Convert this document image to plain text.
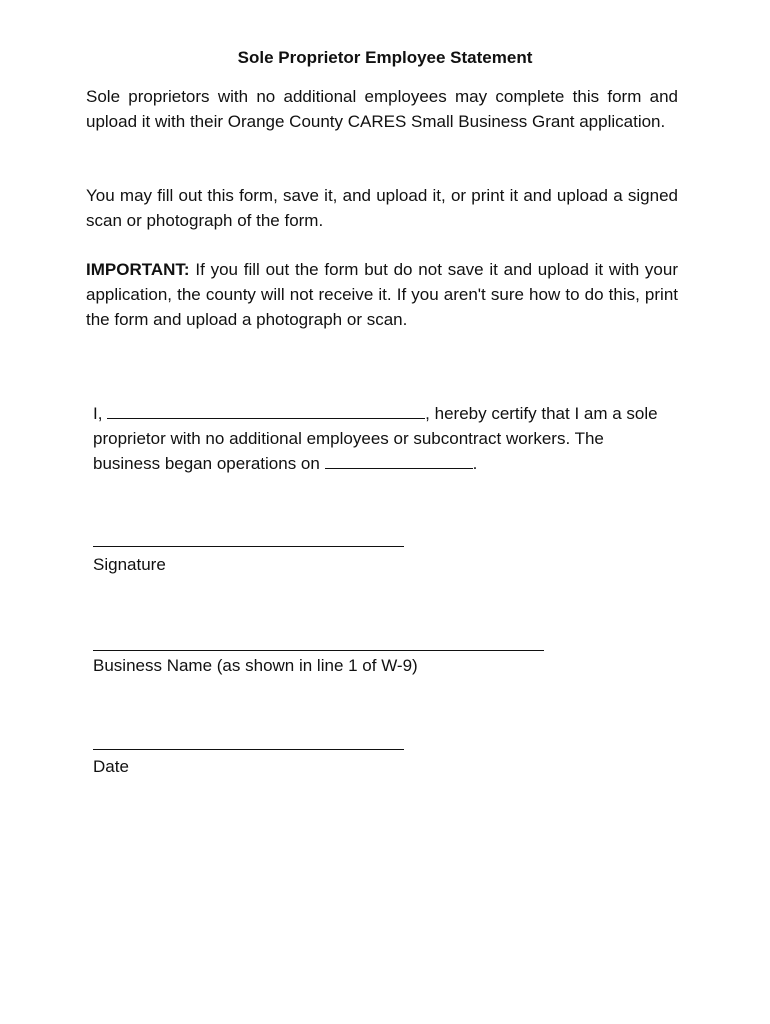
Sole Proprietor Employee Statement
Sole proprietors with no additional employees may complete this form and upload it with their Orange County CARES Small Business Grant application.
You may fill out this form, save it, and upload it, or print it and upload a signed scan or photograph of the form.
IMPORTANT: If you fill out the form but do not save it and upload it with your application, the county will not receive it. If you aren't sure how to do this, print the form and upload a photograph or scan.
I,	, hereby certify that I am a sole proprietor with no additional employees or subcontract workers. The business began operations on	.
Signature
Business Name (as shown in line 1 of W-9)
Date
